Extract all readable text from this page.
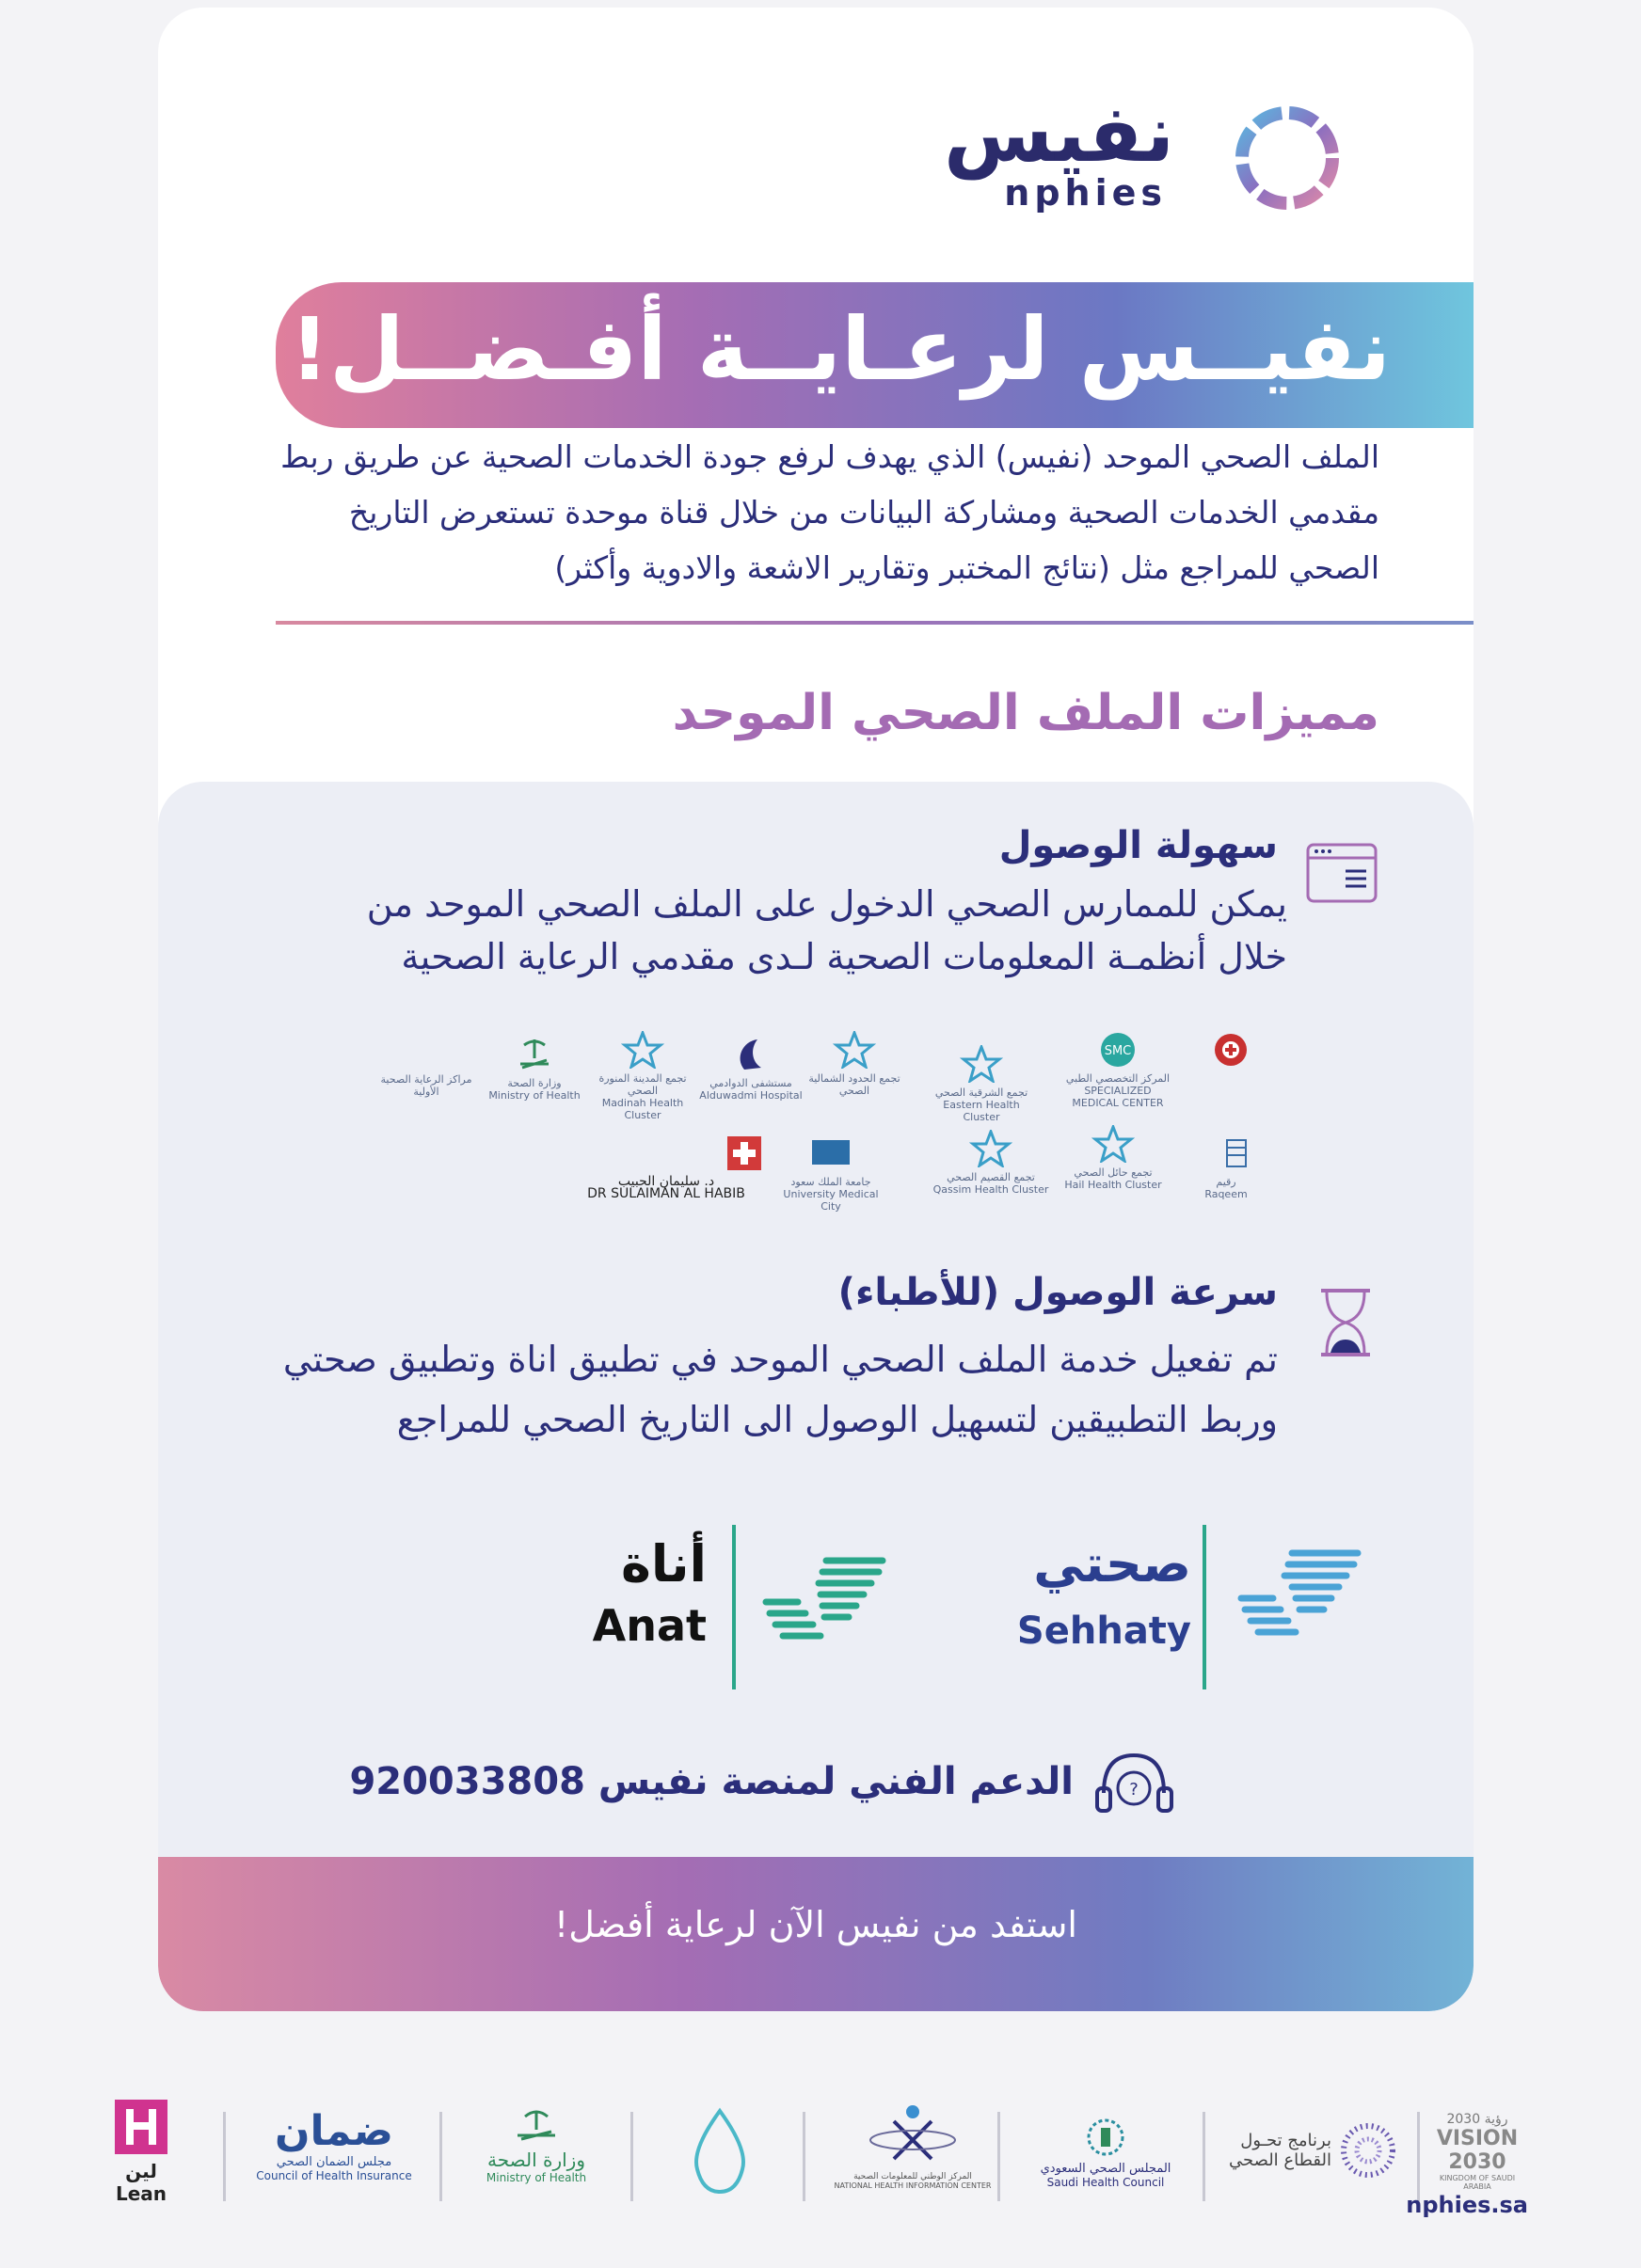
نفيس
nphies
نفيــس لرعـايــة أفـضــل!
الملف الصحي الموحد (نفيس) الذي يهدف لرفع جودة الخدمات الصحية عن طريق ربط
مقدمي الخدمات الصحية ومشاركة البيانات من خلال قناة موحدة تستعرض التاريخ
الصحي للمراجع مثل (نتائج المختبر وتقارير الاشعة والادوية وأكثر)
مميزات الملف الصحي الموحد
سهولة الوصول
يمكن للممارس الصحي الدخول على الملف الصحي الموحد من
خلال أنظمـة المعلومات الصحية لـدى مقدمي الرعاية الصحية
SMC
المركز التخصصي الطبي
SPECIALIZED MEDICAL CENTER
تجمع الشرقية الصحي
Eastern Health Cluster
تجمع الحدود الشمالية الصحي
مستشفى الدوادمي
Alduwadmi Hospital
تجمع المدينة المنورة الصحي
Madinah Health Cluster
وزارة الصحة
Ministry of Health
مراكز الرعاية الصحية الأولية
رقيم
Raqeem
تجمع حائل الصحي
Hail Health Cluster
تجمع القصيم الصحي
Qassim Health Cluster
جامعة الملك سعود
University Medical City
د. سليمان الحبيب
DR SULAIMAN AL HABIB
سرعة الوصول (للأطباء)
تم تفعيل خدمة الملف الصحي الموحد في تطبيق اناة وتطبيق صحتي
وربط التطبيقين لتسهيل الوصول الى التاريخ الصحي للمراجع
صحتي
Sehhaty
أناة
Anat
?
الدعم الفني لمنصة نفيس 920033808
استفد من نفيس الآن لرعاية أفضل!
لين
Lean
ضمان
مجلس الضمان الصحي
Council of Health Insurance
وزارة الصحة
Ministry of Health	المركز الوطني للمعلومات الصحية
NATIONAL HEALTH INFORMATION CENTER
المجلس الصحي السعودي
Saudi Health Council
برنامج تحـول القطاع الصحي
رؤية 2030
VISION 2030
KINGDOM OF SAUDI ARABIA
nphies.sa
